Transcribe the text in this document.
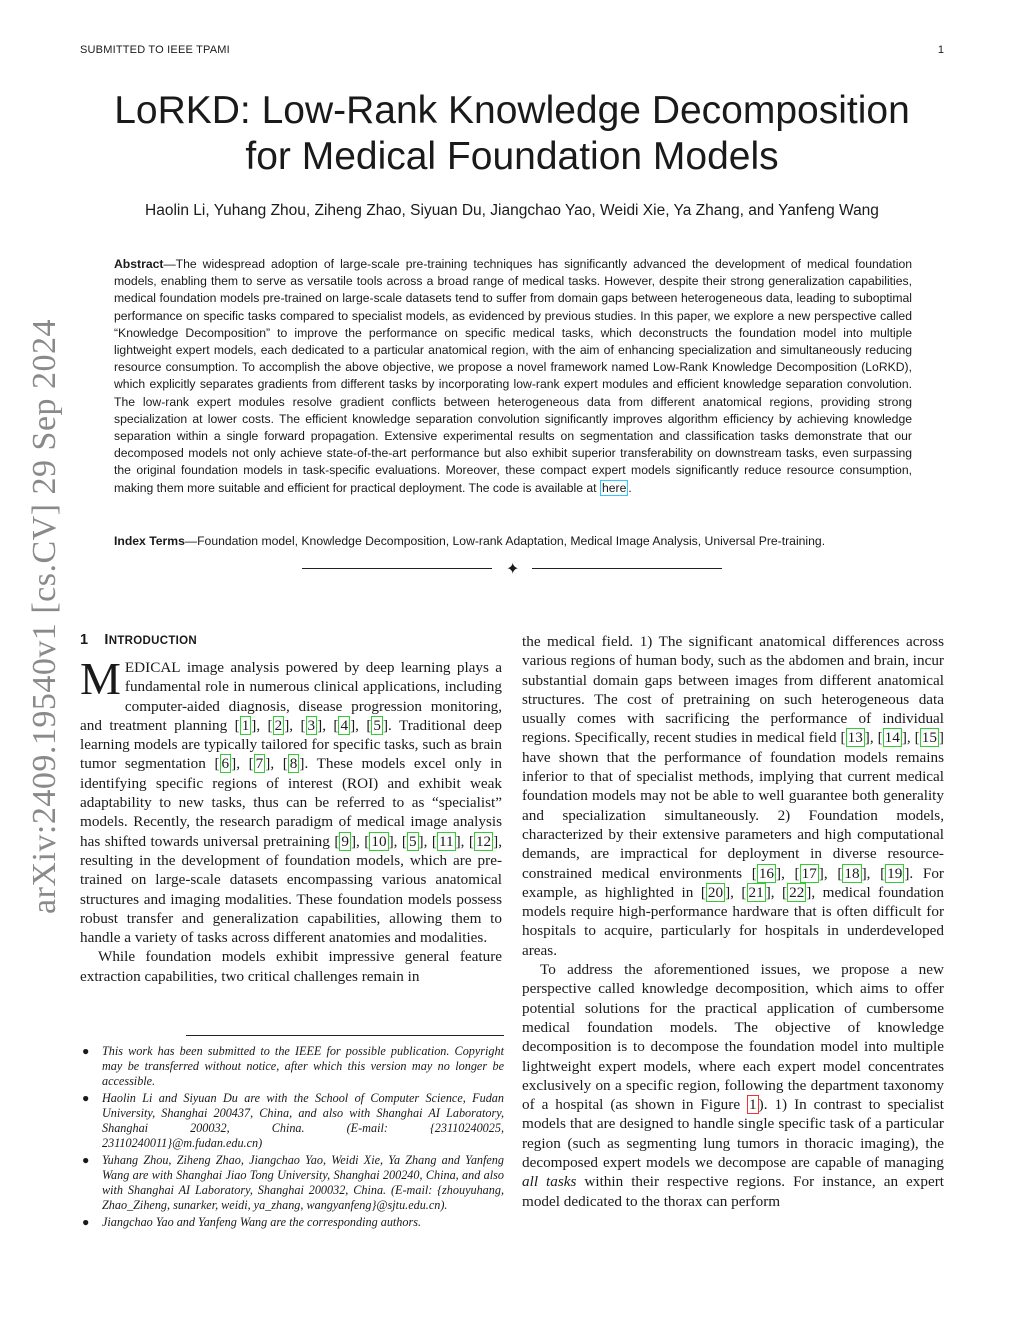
SUBMITTED TO IEEE TPAMI	1
LoRKD: Low-Rank Knowledge Decomposition
for Medical Foundation Models
Haolin Li, Yuhang Zhou, Ziheng Zhao, Siyuan Du, Jiangchao Yao, Weidi Xie, Ya Zhang, and Yanfeng Wang
Abstract—The widespread adoption of large-scale pre-training techniques has significantly advanced the development of medical foundation models, enabling them to serve as versatile tools across a broad range of medical tasks. However, despite their strong generalization capabilities, medical foundation models pre-trained on large-scale datasets tend to suffer from domain gaps between heterogeneous data, leading to suboptimal performance on specific tasks compared to specialist models, as evidenced by previous studies. In this paper, we explore a new perspective called “Knowledge Decomposition” to improve the performance on specific medical tasks, which deconstructs the foundation model into multiple lightweight expert models, each dedicated to a particular anatomical region, with the aim of enhancing specialization and simultaneously reducing resource consumption. To accomplish the above objective, we propose a novel framework named Low-Rank Knowledge Decomposition (LoRKD), which explicitly separates gradients from different tasks by incorporating low-rank expert modules and efficient knowledge separation convolution. The low-rank expert modules resolve gradient conflicts between heterogeneous data from different anatomical regions, providing strong specialization at lower costs. The efficient knowledge separation convolution significantly improves algorithm efficiency by achieving knowledge separation within a single forward propagation. Extensive experimental results on segmentation and classification tasks demonstrate that our decomposed models not only achieve state-of-the-art performance but also exhibit superior transferability on downstream tasks, even surpassing the original foundation models in task-specific evaluations. Moreover, these compact expert models significantly reduce resource consumption, making them more suitable and efficient for practical deployment. The code is available at here .
Index Terms—Foundation model, Knowledge Decomposition, Low-rank Adaptation, Medical Image Analysis, Universal Pre-training.
✦
arXiv:2409.19540v1 [cs.CV] 29 Sep 2024	1 INTRODUCTION

MEDICAL image analysis powered by deep learning plays a fundamental role in numerous clinical applications, including computer-aided diagnosis, disease progression monitoring, and treatment planning [ 1 ], [ 2 ], [ 3 ], [ 4 ], [ 5 ]. Traditional deep learning models are typically tailored for specific tasks, such as brain tumor segmentation [ 6 ], [ 7 ], [ 8 ]. These models excel only in identifying specific regions of interest (ROI) and exhibit weak adaptability to new tasks, thus can be referred to as “specialist” models. Recently, the research paradigm of medical image analysis has shifted towards universal pretraining [ 9 ], [ 10 ], [ 5 ], [ 11 ], [ 12 ], resulting in the development of foundation models, which are pre-trained on large-scale datasets encompassing various anatomical structures and imaging modalities. These foundation models possess robust transfer and generalization capabilities, allowing them to handle a variety of tasks across different anatomies and modalities.

While foundation models exhibit impressive general feature extraction capabilities, two critical challenges remain in

the medical field. 1) The significant anatomical differences across various regions of human body, such as the abdomen and brain, incur substantial domain gaps between images from different anatomical structures. The cost of pretraining on such heterogeneous data usually comes with sacrificing the performance of individual regions. Specifically, recent studies in medical field [ 13 ], [ 14 ], [ 15 ] have shown that the performance of foundation models remains inferior to that of specialist methods, implying that current medical foundation models may not be able to well guarantee both generality and specialization simultaneously. 2) Foundation models, characterized by their extensive parameters and high computational demands, are impractical for deployment in diverse resource-constrained medical environments [ 16 ], [ 17 ], [ 18 ], [ 19 ]. For example, as highlighted in [ 20 ], [ 21 ], [ 22 ], medical foundation models require high-performance hardware that is often difficult for hospitals to acquire, particularly for hospitals in underdeveloped areas.

To address the aforementioned issues, we propose a new perspective called knowledge decomposition, which aims to offer potential solutions for the practical application of cumbersome medical foundation models. The objective of knowledge decomposition is to decompose the foundation model into multiple lightweight expert models, where each expert model concentrates exclusively on a specific region, following the department taxonomy of a hospital (as shown in Figure 1 ). 1) In contrast to specialist models that are designed to handle single specific task of a particular region (such as segmenting lung tumors in thoracic imaging), the decomposed expert models we decompose are capable of managing all tasks within their respective regions. For instance, an expert model dedicated to the thorax can perform

● This work has been submitted to the IEEE for possible publication. Copyright may be transferred without notice, after which this version may no longer be accessible.
● Haolin Li and Siyuan Du are with the School of Computer Science, Fudan University, Shanghai 200437, China, and also with Shanghai AI Laboratory, Shanghai 200032, China. (E-mail: {23110240025, 23110240011}@m.fudan.edu.cn)
● Yuhang Zhou, Ziheng Zhao, Jiangchao Yao, Weidi Xie, Ya Zhang and Yanfeng Wang are with Shanghai Jiao Tong University, Shanghai 200240, China, and also with Shanghai AI Laboratory, Shanghai 200032, China. (E-mail: {zhouyuhang, Zhao_Ziheng, sunarker, weidi, ya_zhang, wangyanfeng}@sjtu.edu.cn).
● Jiangchao Yao and Yanfeng Wang are the corresponding authors.
